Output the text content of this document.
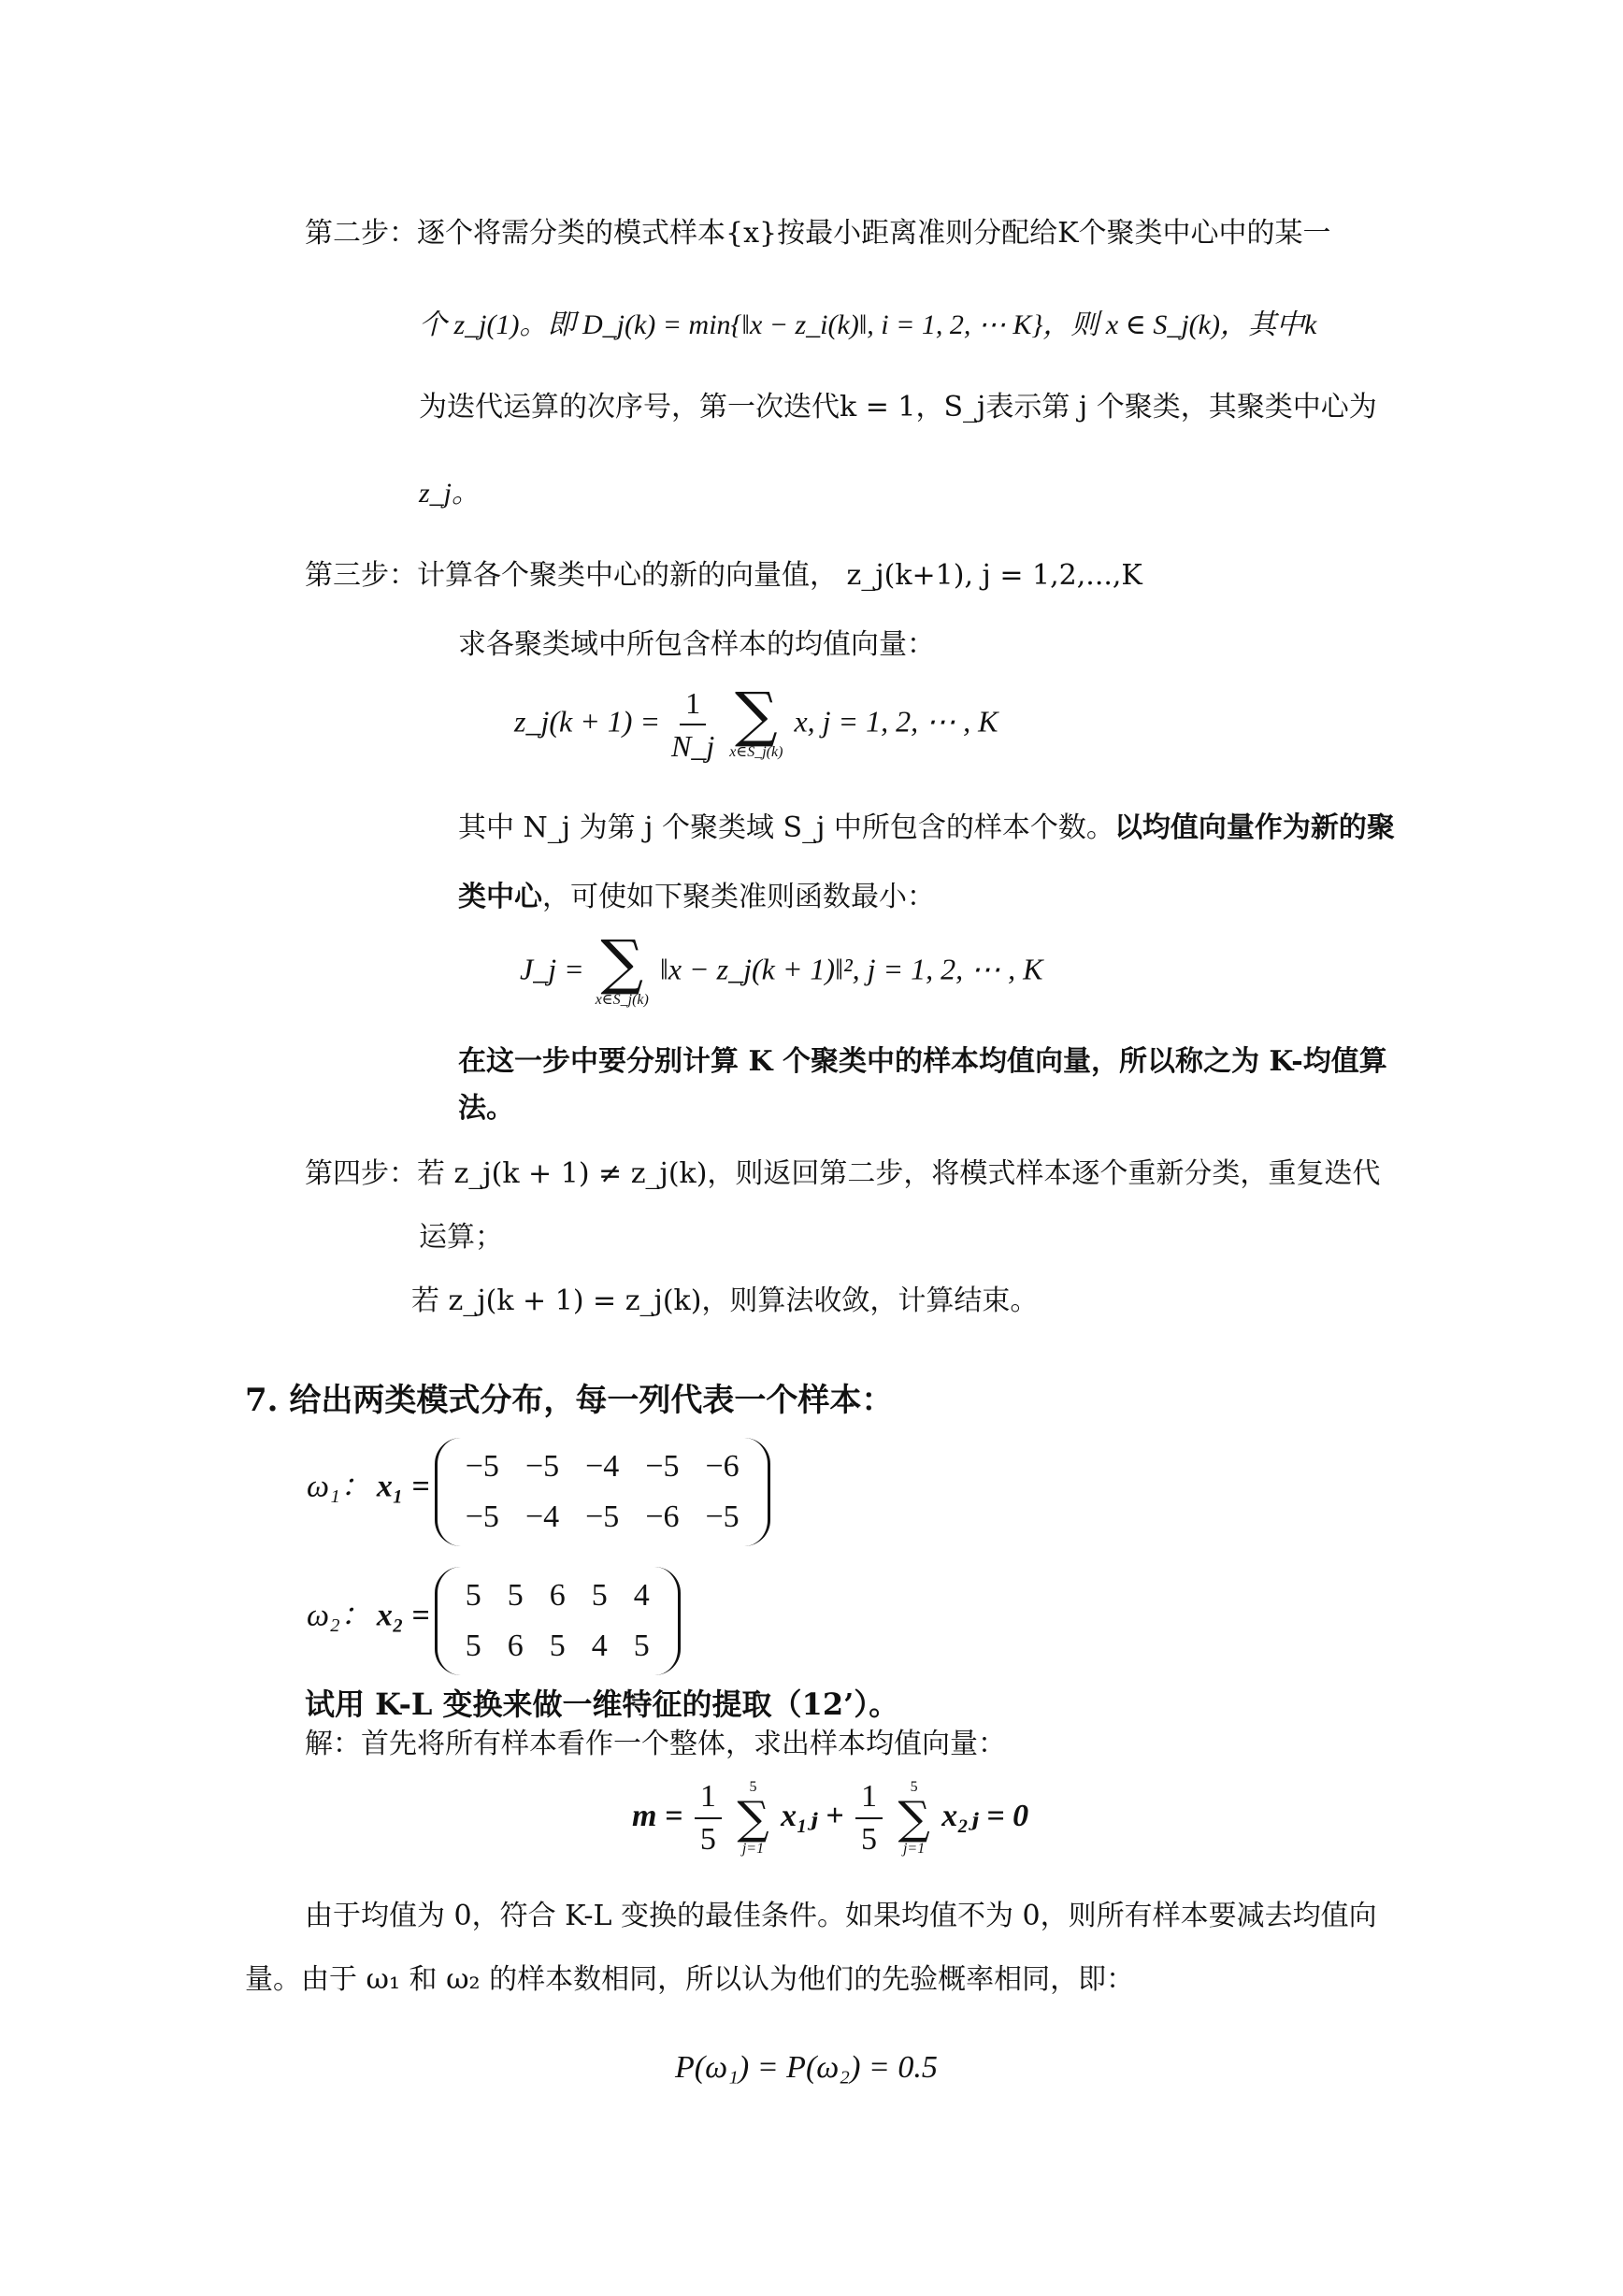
第二步：逐个将需分类的模式样本{x}按最小距离准则分配给K个聚类中心中的某一
个 z_j(1)。即 D_j(k) = min{‖x − z_i(k)‖, i = 1, 2, ⋯ K}，则 x ∈ S_j(k)，其中k
为迭代运算的次序号，第一次迭代k = 1，S_j表示第 j 个聚类，其聚类中心为
z_j。
第三步：计算各个聚类中心的新的向量值， z_j(k+1), j = 1,2,...,K
求各聚类域中所包含样本的均值向量：
z_j(k + $1) = \frac{1}{N\_j}$
∑
x∈S_j(k)
x, j = 1, 2, ⋯ , K
其中 N_j 为第 j 个聚类域 S_j 中所包含的样本个数。以均值向量作为新的聚
类中心，可使如下聚类准则函数最小：
J_j = ∑
x∈S_j(k)
‖x − z_j(k + 1)‖², j = 1, 2, ⋯ , K
在这一步中要分别计算 K 个聚类中的样本均值向量，所以称之为 K-均值算
法。
第四步：若 z_j(k + 1) ≠ z_j(k)，则返回第二步，将模式样本逐个重新分类，重复迭代
运算；
若 z_j(k + 1) = z_j(k)，则算法收敛，计算结束。
7. 给出两类模式分布，每一列代表一个样本：
ω₁： x₁ =
−5	−5	−4	−5	−6
−5	−4	−5	−6	−5
ω₂： x₂ =
5	5	6	5	4
5	6	5	4	5
试用 K-L 变换来做一维特征的提取（12’）。
解：首先将所有样本看作一个整体，求出样本均值向量：
$m = \frac{1}{5}$
5
∑
j=1
x₁ⱼ + $\frac{1}{5}$
5
∑
j=1
x₂ⱼ = 0
由于均值为 0，符合 K-L 变换的最佳条件。如果均值不为 0，则所有样本要减去均值向
量。由于 ω₁ 和 ω₂ 的样本数相同，所以认为他们的先验概率相同，即：
P(ω₁) = P(ω₂) = 0.5
